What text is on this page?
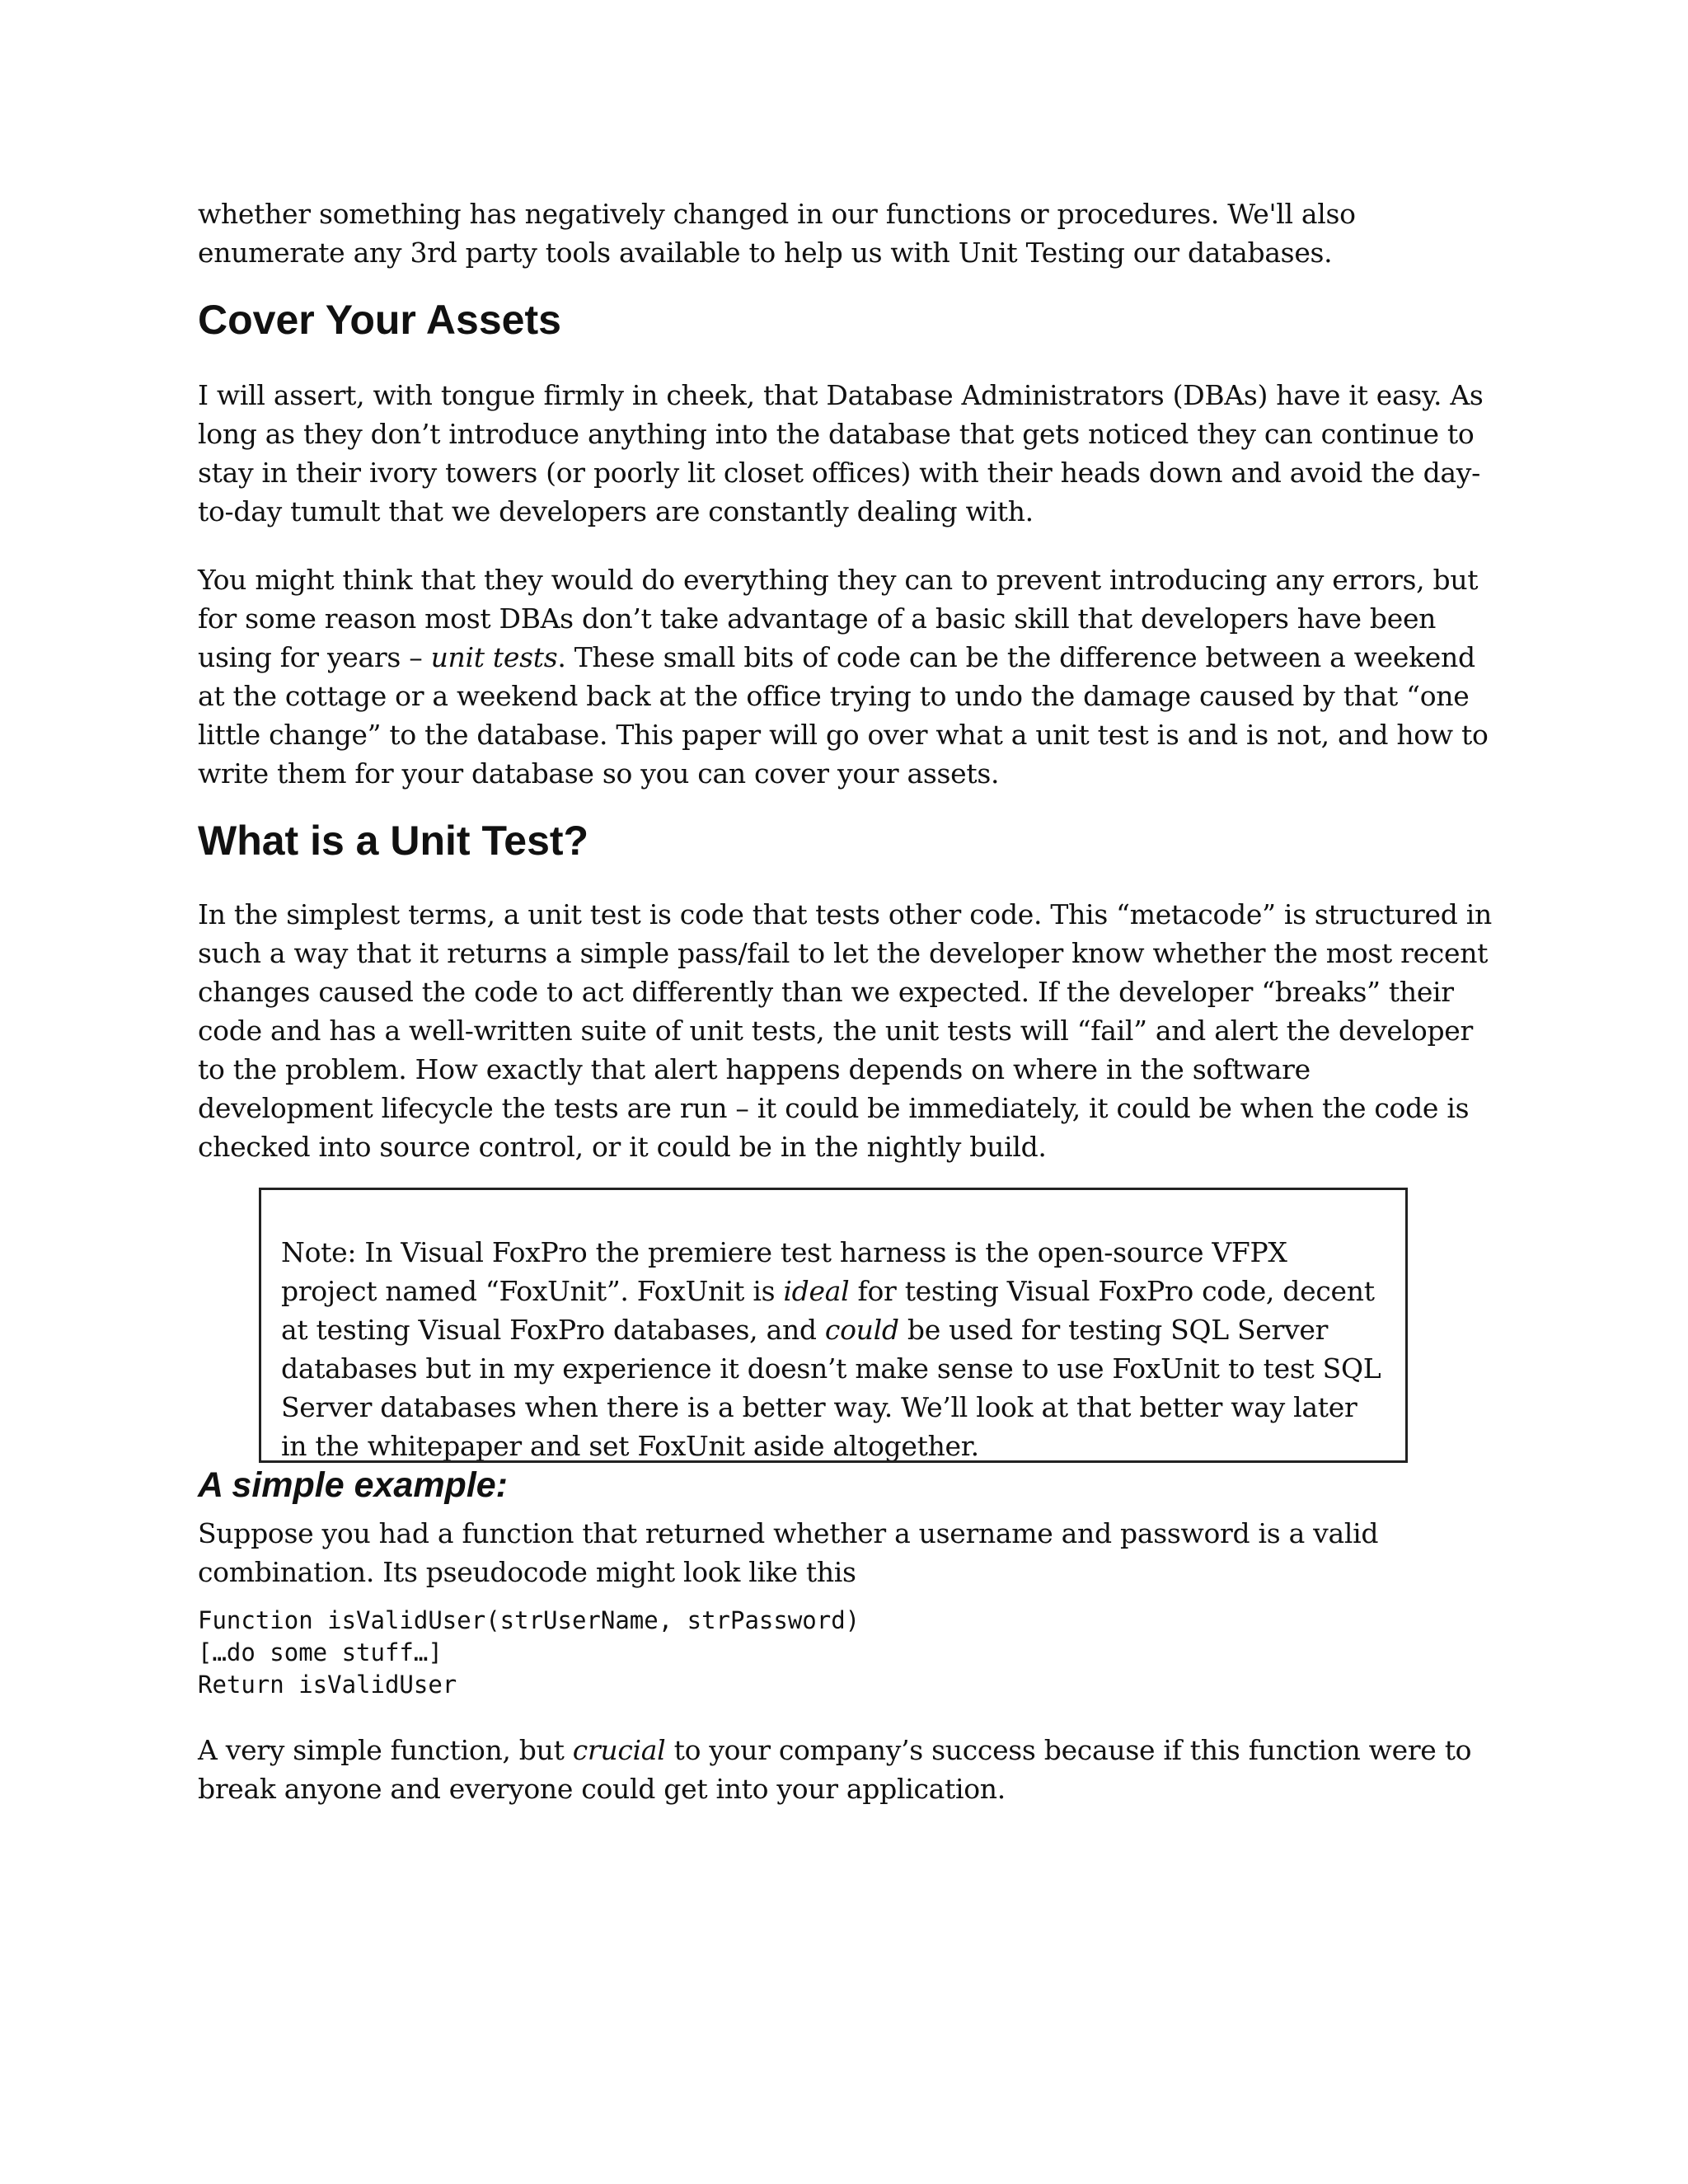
whether something has negatively changed in our functions or procedures. We'll also enumerate any 3rd party tools available to help us with Unit Testing our databases.

Cover Your Assets

I will assert, with tongue firmly in cheek, that Database Administrators (DBAs) have it easy. As long as they don’t introduce anything into the database that gets noticed they can continue to stay in their ivory towers (or poorly lit closet offices) with their heads down and avoid the day-to-day tumult that we developers are constantly dealing with.

You might think that they would do everything they can to prevent introducing any errors, but for some reason most DBAs don’t take advantage of a basic skill that developers have been using for years – unit tests. These small bits of code can be the difference between a weekend at the cottage or a weekend back at the office trying to undo the damage caused by that “one little change” to the database. This paper will go over what a unit test is and is not, and how to write them for your database so you can cover your assets.

What is a Unit Test?

In the simplest terms, a unit test is code that tests other code. This “metacode” is structured in such a way that it returns a simple pass/fail to let the developer know whether the most recent changes caused the code to act differently than we expected. If the developer “breaks” their code and has a well-written suite of unit tests, the unit tests will “fail” and alert the developer to the problem. How exactly that alert happens depends on where in the software development lifecycle the tests are run – it could be immediately, it could be when the code is checked into source control, or it could be in the nightly build.

Note: In Visual FoxPro the premiere test harness is the open-source VFPX project named “FoxUnit”. FoxUnit is ideal for testing Visual FoxPro code, decent at testing Visual FoxPro databases, and could be used for testing SQL Server databases but in my experience it doesn’t make sense to use FoxUnit to test SQL Server databases when there is a better way. We’ll look at that better way later in the whitepaper and set FoxUnit aside altogether.

A simple example:

Suppose you had a function that returned whether a username and password is a valid combination. Its pseudocode might look like this

Function isValidUser(strUserName, strPassword)
[…do some stuff…]
Return isValidUser

A very simple function, but crucial to your company’s success because if this function were to break anyone and everyone could get into your application.
